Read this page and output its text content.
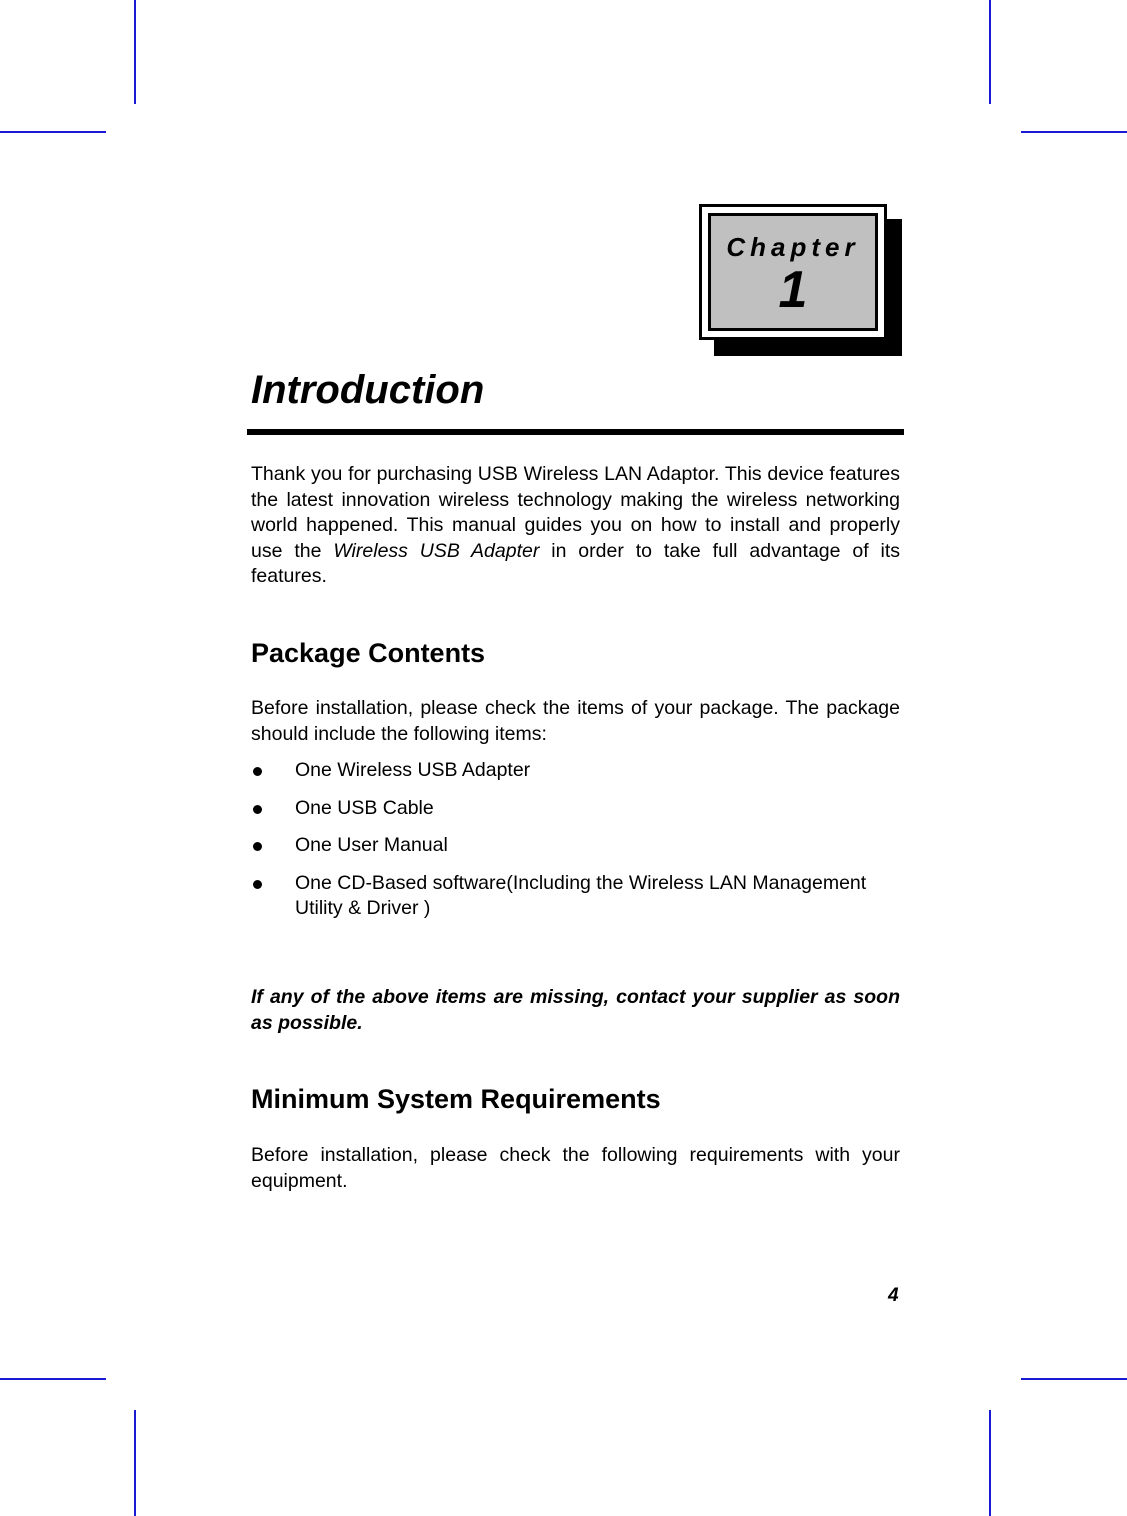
Chapter
1
Introduction

Thank you for purchasing USB Wireless LAN Adaptor. This device features the latest innovation wireless technology making the wireless networking world happened. This manual guides you on how to install and properly use the Wireless USB Adapter in order to take full advantage of its features.

Package Contents

Before installation, please check the items of your package. The package should include the following items:

One Wireless USB Adapter
One USB Cable
One User Manual
One CD-Based software(Including the Wireless LAN Management Utility & Driver )

If any of the above items are missing, contact your supplier as soon as possible.

Minimum System Requirements

Before installation, please check the following requirements with your equipment.

4
